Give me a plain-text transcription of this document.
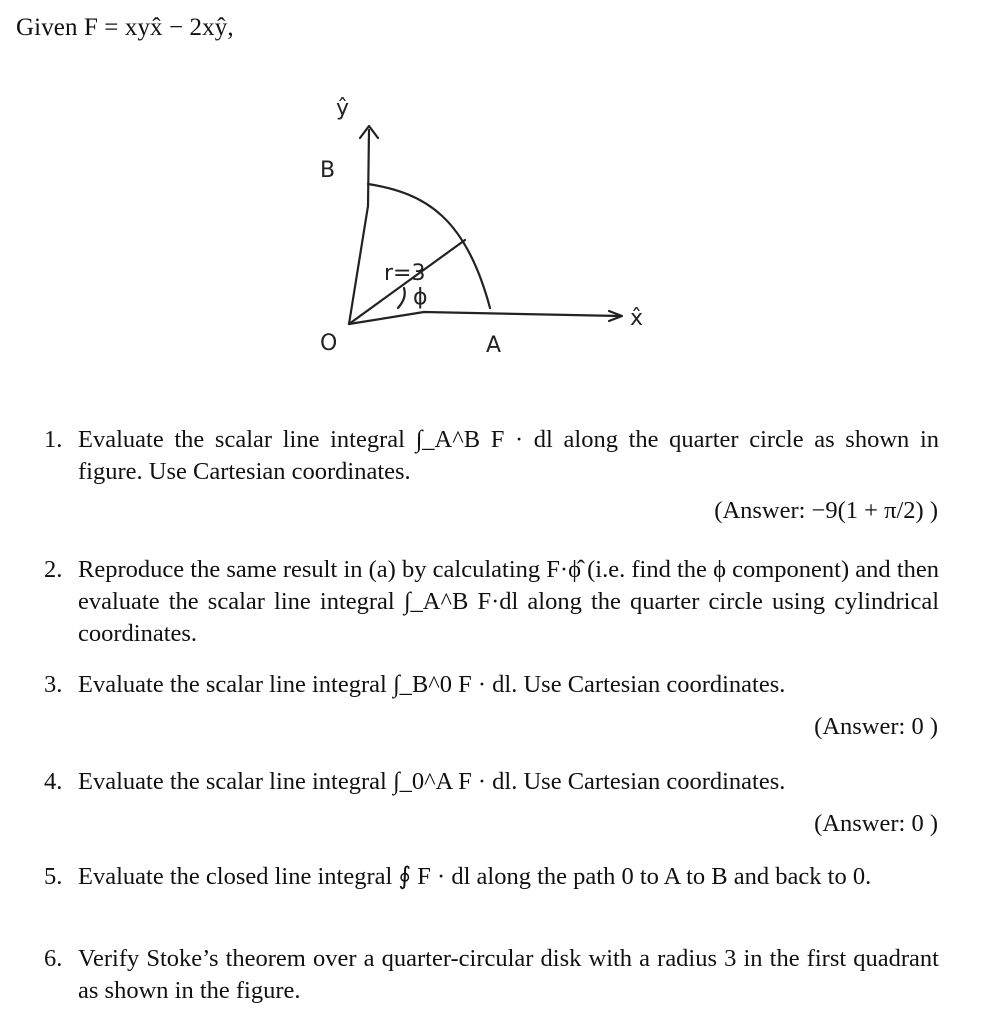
Given F = xyx̂ − 2xŷ,
B
O	A
r=3
ϕ
x̂
ŷ
1. Evaluate the scalar line integral ∫_A^B F · dl along the quarter circle as shown in figure. Use Cartesian coordinates.
(Answer: −9(1 + π/2) )
2. Reproduce the same result in (a) by calculating F·ϕ̂ (i.e. find the ϕ component) and then evaluate the scalar line integral ∫_A^B F·dl along the quarter circle using cylindrical coordinates.
3. Evaluate the scalar line integral ∫_B^0 F · dl. Use Cartesian coordinates.
(Answer: 0 )
4. Evaluate the scalar line integral ∫_0^A F · dl. Use Cartesian coordinates.
(Answer: 0 )
5. Evaluate the closed line integral ∮ F · dl along the path 0 to A to B and back to 0.
6. Verify Stoke’s theorem over a quarter-circular disk with a radius 3 in the first quadrant as shown in the figure.
